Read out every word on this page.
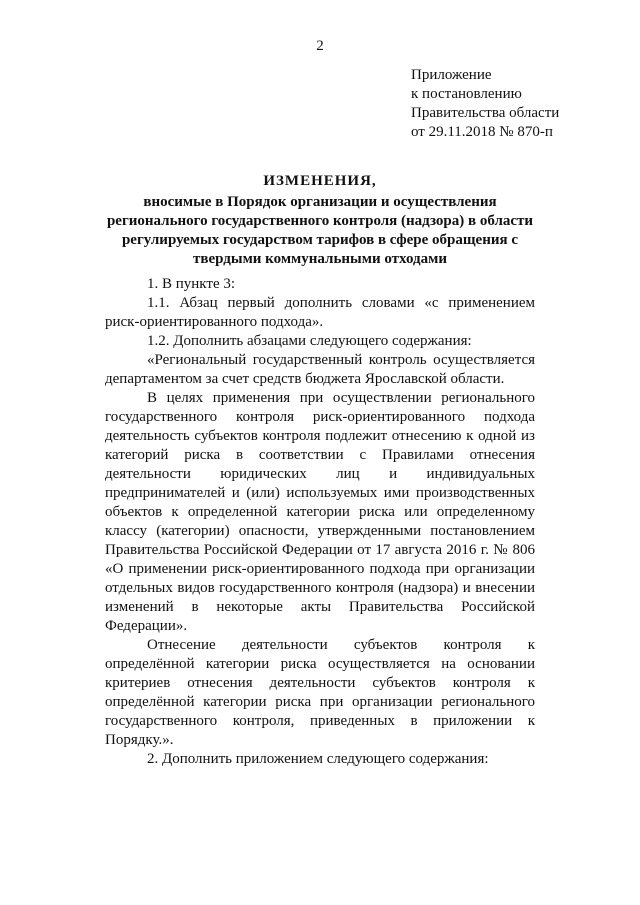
2
Приложение
к постановлению
Правительства области
от 29.11.2018 № 870-п
ИЗМЕНЕНИЯ,
вносимые в Порядок организации и осуществления регионального государственного контроля (надзора) в области регулируемых государством тарифов в сфере обращения с твердыми коммунальными отходами

1. В пункте 3:

1.1. Абзац первый дополнить словами «с применением риск-ориентированного подхода».

1.2. Дополнить абзацами следующего содержания:

«Региональный государственный контроль осуществляется департаментом за счет средств бюджета Ярославской области.

В целях применения при осуществлении регионального государственного контроля риск-ориентированного подхода деятельность субъектов контроля подлежит отнесению к одной из категорий риска в соответствии с Правилами отнесения деятельности юридических лиц и индивидуальных предпринимателей и (или) используемых ими производственных объектов к определенной категории риска или определенному классу (категории) опасности, утвержденными постановлением Правительства Российской Федерации от 17 августа 2016 г. № 806 «О применении риск-ориентированного подхода при организации отдельных видов государственного контроля (надзора) и внесении изменений в некоторые акты Правительства Российской Федерации».

Отнесение деятельности субъектов контроля к определённой категории риска осуществляется на основании критериев отнесения деятельности субъектов контроля к определённой категории риска при организации регионального государственного контроля, приведенных в приложении к Порядку.».

2. Дополнить приложением следующего содержания:
